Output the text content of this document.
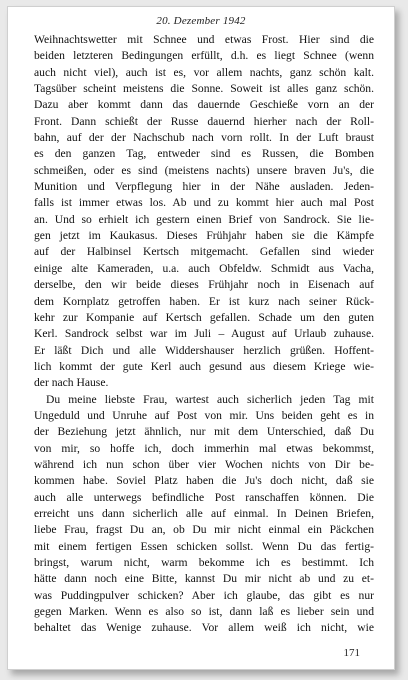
20. Dezember 1942
Weihnachtswetter mit Schnee und etwas Frost. Hier sind die
beiden letzteren Bedingungen erfüllt, d.h. es liegt Schnee (wenn
auch nicht viel), auch ist es, vor allem nachts, ganz schön kalt.
Tagsüber scheint meistens die Sonne. Soweit ist alles ganz schön.
Dazu aber kommt dann das dauernde Geschieße vorn an der
Front. Dann schießt der Russe dauernd hierher nach der Roll-
bahn, auf der der Nachschub nach vorn rollt. In der Luft braust
es den ganzen Tag, entweder sind es Russen, die Bomben
schmeißen, oder es sind (meistens nachts) unsere braven Ju's, die
Munition und Verpflegung hier in der Nähe ausladen. Jeden-
falls ist immer etwas los. Ab und zu kommt hier auch mal Post
an. Und so erhielt ich gestern einen Brief von Sandrock. Sie lie-
gen jetzt im Kaukasus. Dieses Frühjahr haben sie die Kämpfe
auf der Halbinsel Kertsch mitgemacht. Gefallen sind wieder
einige alte Kameraden, u.a. auch Obfeldw. Schmidt aus Vacha,
derselbe, den wir beide dieses Frühjahr noch in Eisenach auf
dem Kornplatz getroffen haben. Er ist kurz nach seiner Rück-
kehr zur Kompanie auf Kertsch gefallen. Schade um den guten
Kerl. Sandrock selbst war im Juli – August auf Urlaub zuhause.
Er läßt Dich und alle Widdershauser herzlich grüßen. Hoffent-
lich kommt der gute Kerl auch gesund aus diesem Kriege wie-
der nach Hause.
Du meine liebste Frau, wartest auch sicherlich jeden Tag mit
Ungeduld und Unruhe auf Post von mir. Uns beiden geht es in
der Beziehung jetzt ähnlich, nur mit dem Unterschied, daß Du
von mir, so hoffe ich, doch immerhin mal etwas bekommst,
während ich nun schon über vier Wochen nichts von Dir be-
kommen habe. Soviel Platz haben die Ju's doch nicht, daß sie
auch alle unterwegs befindliche Post ranschaffen können. Die
erreicht uns dann sicherlich alle auf einmal. In Deinen Briefen,
liebe Frau, fragst Du an, ob Du mir nicht einmal ein Päckchen
mit einem fertigen Essen schicken sollst. Wenn Du das fertig-
bringst, warum nicht, warm bekomme ich es bestimmt. Ich
hätte dann noch eine Bitte, kannst Du mir nicht ab und zu et-
was Puddingpulver schicken? Aber ich glaube, das gibt es nur
gegen Marken. Wenn es also so ist, dann laß es lieber sein und
behaltet das Wenige zuhause. Vor allem weiß ich nicht, wie
171
